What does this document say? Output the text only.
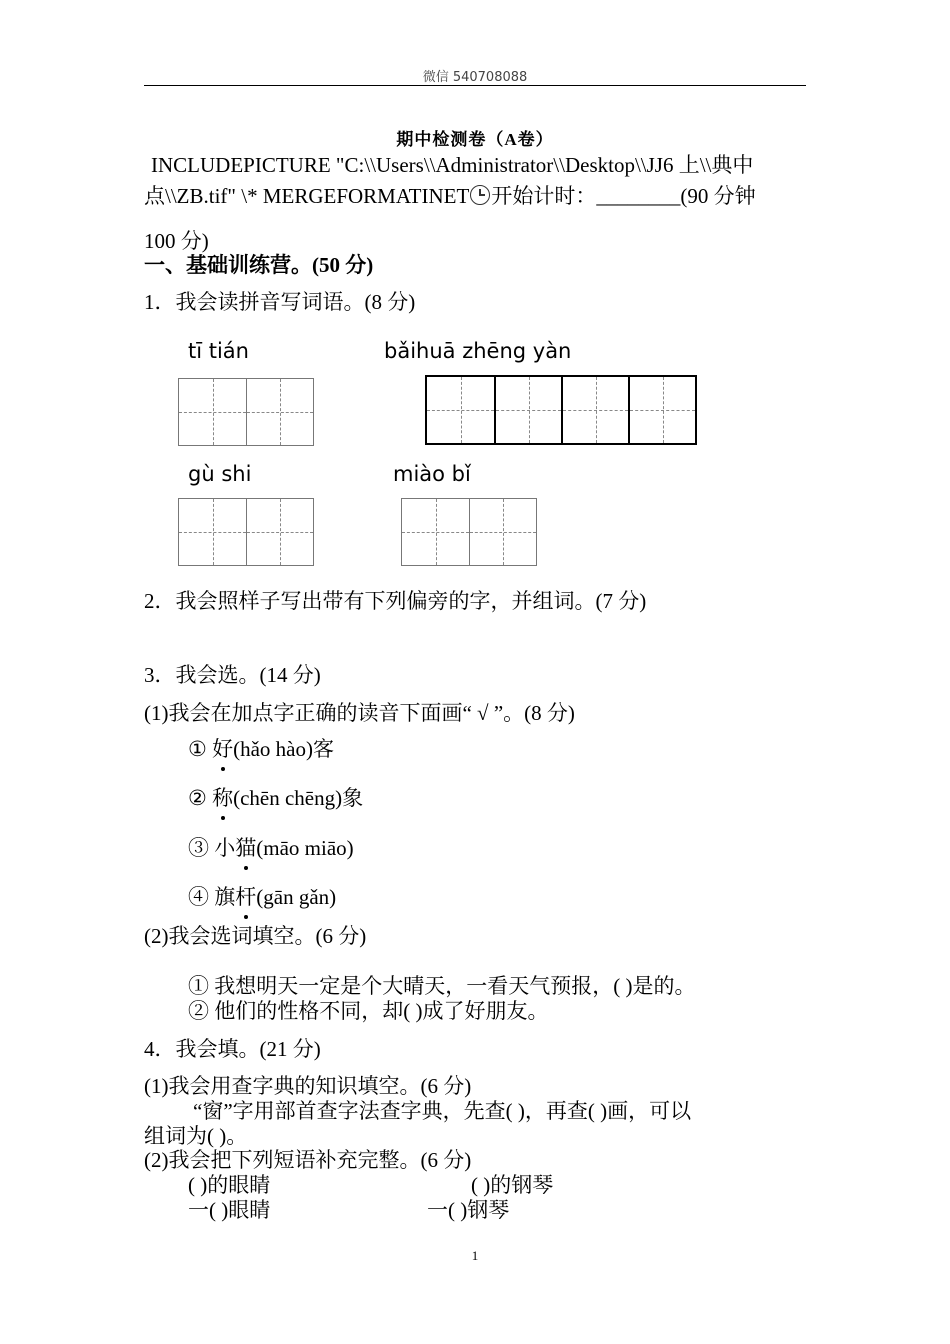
微信 540708088
期中检测卷（A卷）
INCLUDEPICTURE "C:\\Users\\Administrator\\Desktop\\JJ6 上\\典中
点\\ZB.tif" \* MERGEFORMATINET 开始计时：________(90 分钟
100 分)
一、基础训练营。(50 分)
1．我会读拼音写词语。(8 分)
tī tián	bǎihuā zhēng yàn
gù shi	miào bǐ
2．我会照样子写出带有下列偏旁的字，并组词。(7 分)
3．我会选。(14 分)
(1)我会在加点字正确的读音下面画“ √ ”。(8 分)
① 好(hǎo hào)客
② 称(chēn chēng)象
③ 小猫(māo miāo)
④ 旗杆(gān gǎn)
(2)我会选词填空。(6 分)
① 我想明天一定是个大晴天，一看天气预报，( )是的。
② 他们的性格不同，却( )成了好朋友。
4．我会填。(21 分)
(1)我会用查字典的知识填空。(6 分)
“窗”字用部首查字法查字典，先查( )，再查( )画，可以
组词为( )。
(2)我会把下列短语补充完整。(6 分)
( )的眼睛	( )的钢琴
一( )眼睛	一( )钢琴
1
